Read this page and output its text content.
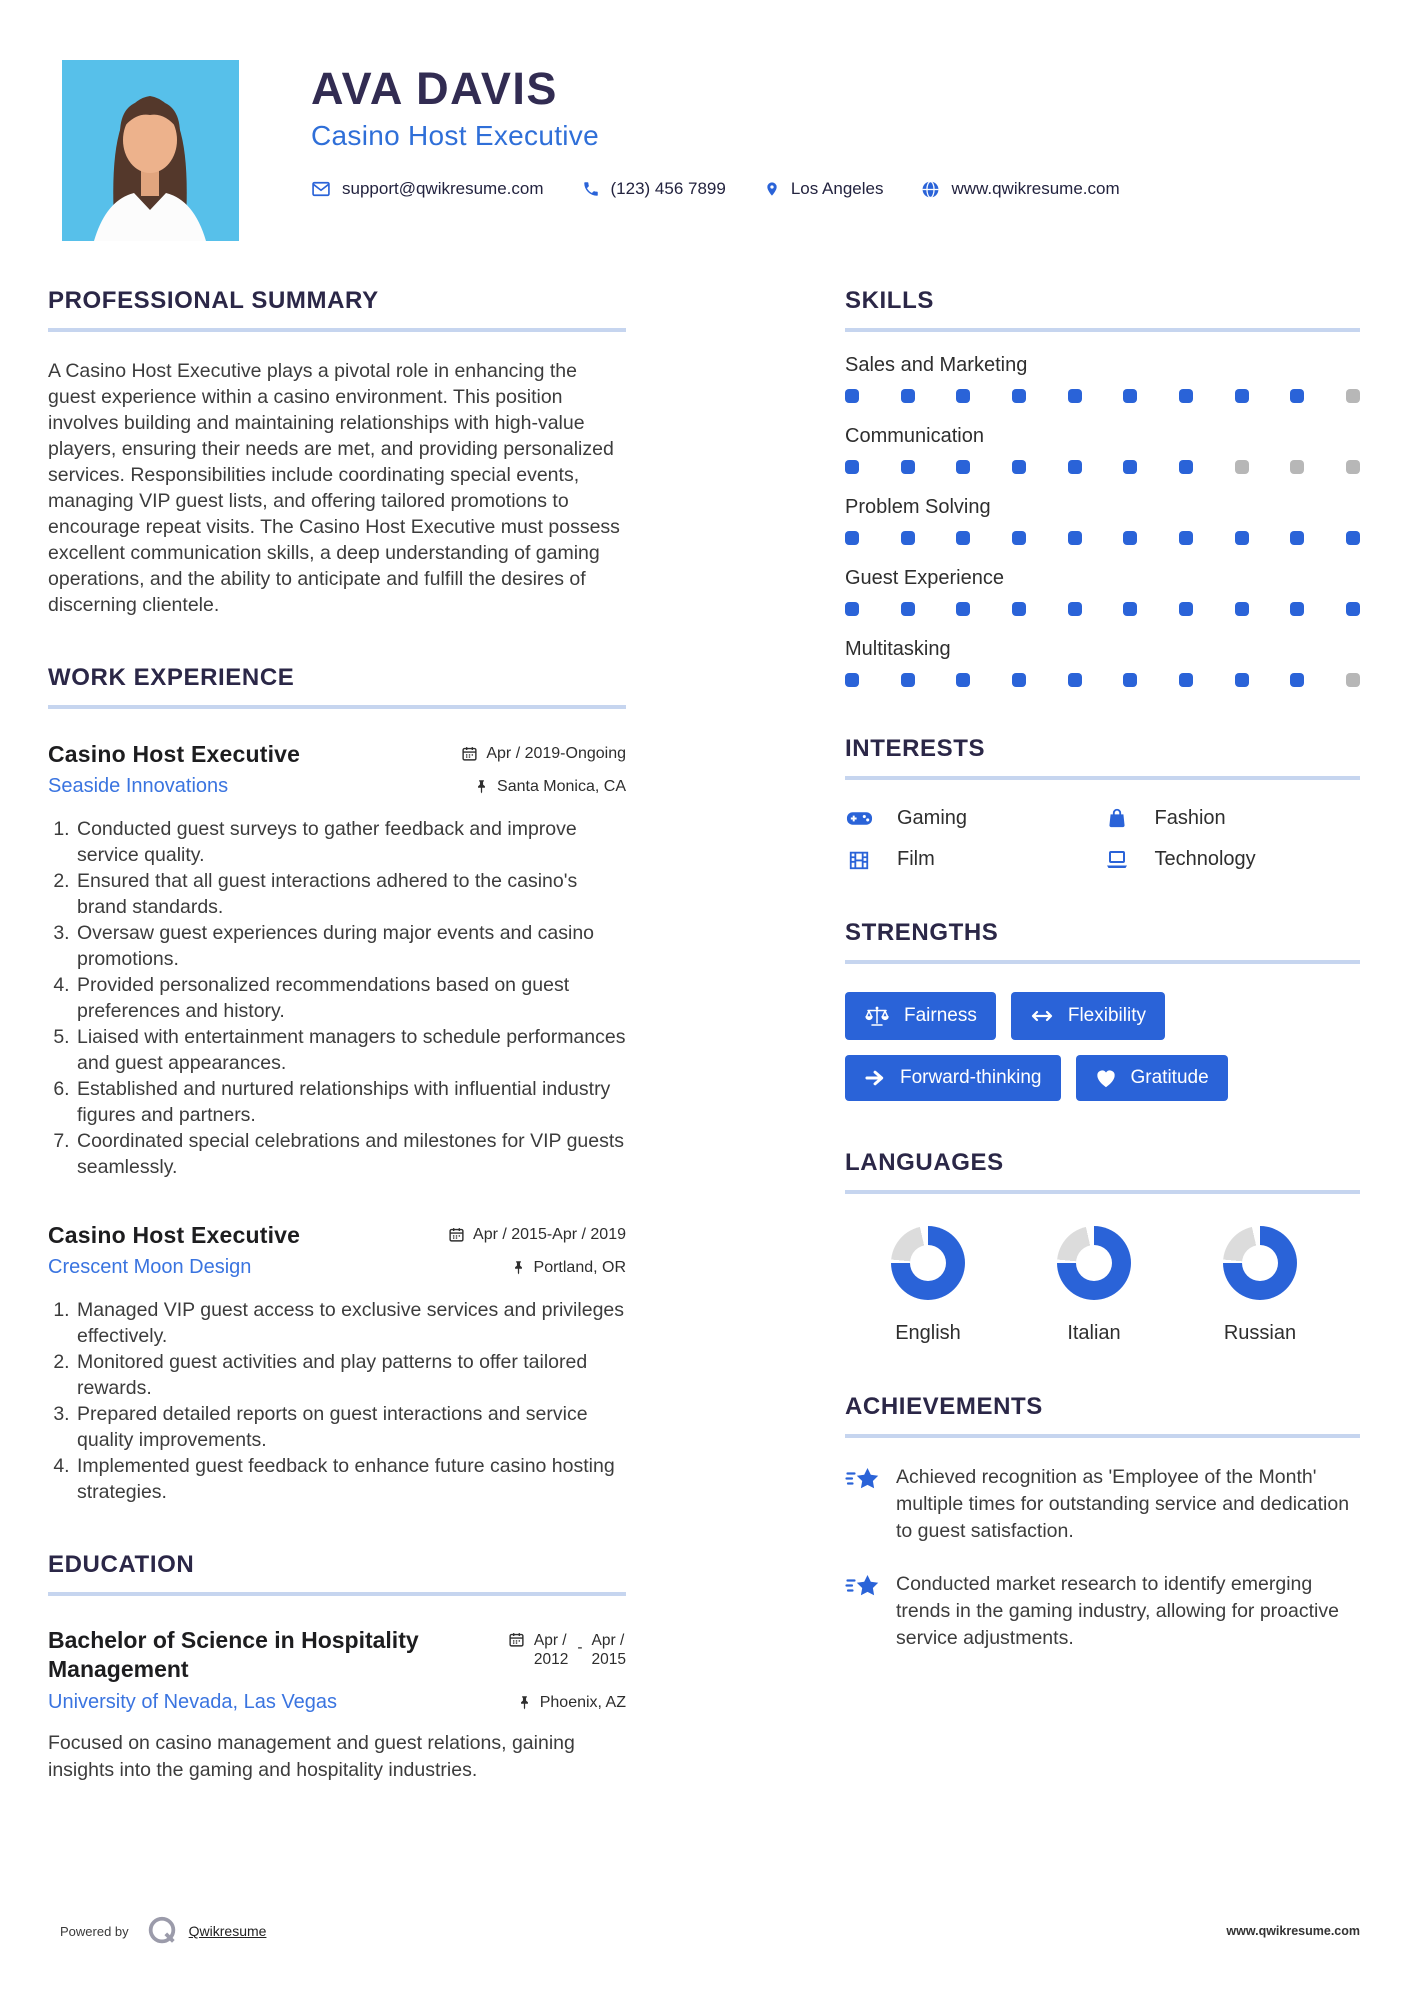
AVA DAVIS
Casino Host Executive
support@qwikresume.com	(123) 456 7899	Los Angeles	www.qwikresume.com
PROFESSIONAL SUMMARY

A Casino Host Executive plays a pivotal role in enhancing the guest experience within a casino environment. This position involves building and maintaining relationships with high-value players, ensuring their needs are met, and providing personalized services. Responsibilities include coordinating special events, managing VIP guest lists, and offering tailored promotions to encourage repeat visits. The Casino Host Executive must possess excellent communication skills, a deep understanding of gaming operations, and the ability to anticipate and fulfill the desires of discerning clientele.

WORK EXPERIENCE
Casino Host Executive	Apr / 2019-Ongoing
Seaside Innovations	Santa Monica, CA
1. Conducted guest surveys to gather feedback and improve service quality.
2. Ensured that all guest interactions adhered to the casino's brand standards.
3. Oversaw guest experiences during major events and casino promotions.
4. Provided personalized recommendations based on guest preferences and history.
5. Liaised with entertainment managers to schedule performances and guest appearances.
6. Established and nurtured relationships with influential industry figures and partners.
7. Coordinated special celebrations and milestones for VIP guests seamlessly.
Casino Host Executive	Apr / 2015-Apr / 2019
Crescent Moon Design	Portland, OR
1. Managed VIP guest access to exclusive services and privileges effectively.
2. Monitored guest activities and play patterns to offer tailored rewards.
3. Prepared detailed reports on guest interactions and service quality improvements.
4. Implemented guest feedback to enhance future casino hosting strategies.
EDUCATION
Bachelor of Science in Hospitality Management
Apr /
2012
- Apr /
2015
University of Nevada, Las Vegas	Phoenix, AZ

Focused on casino management and guest relations, gaining insights into the gaming and hospitality industries.

SKILLS
Sales and Marketing
Communication
Problem Solving
Guest Experience
Multitasking
INTERESTS
Gaming	Fashion
Film	Technology
STRENGTHS
Fairness	Flexibility
Forward-thinking	Gratitude
LANGUAGES
English	Italian	Russian
ACHIEVEMENTS

Achieved recognition as 'Employee of the Month' multiple times for outstanding service and dedication to guest satisfaction.

Conducted market research to identify emerging trends in the gaming industry, allowing for proactive service adjustments.

Powered by	Qwikresume	www.qwikresume.com
